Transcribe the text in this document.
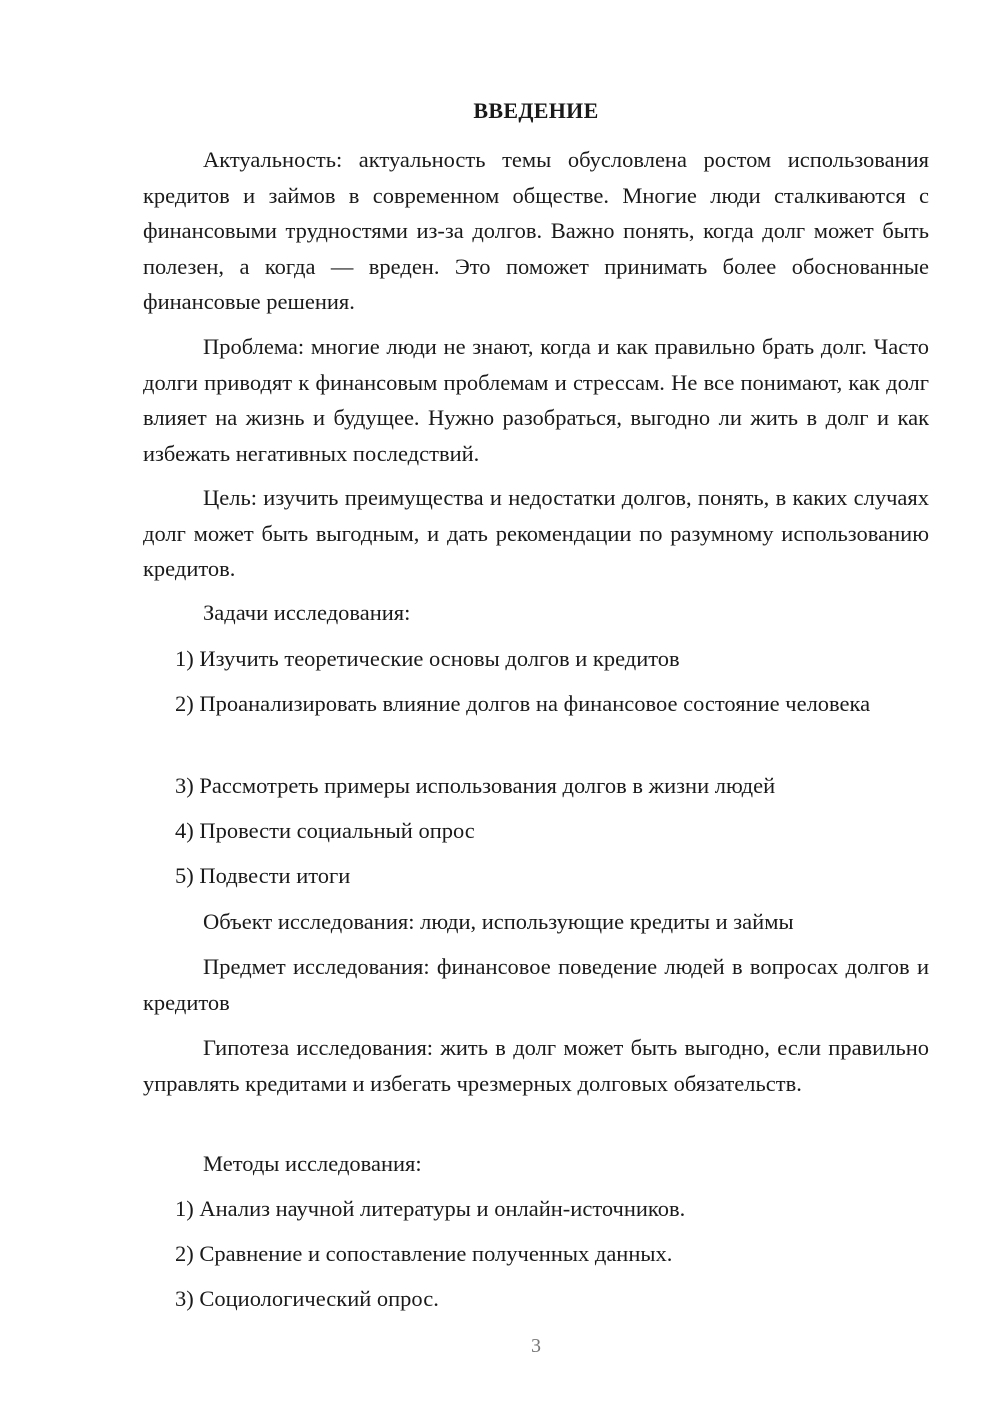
ВВЕДЕНИЕ

Актуальность: актуальность темы обусловлена ростом использования кредитов и займов в современном обществе. Многие люди сталкиваются с финансовыми трудностями из-за долгов. Важно понять, когда долг может быть полезен, а когда — вреден. Это поможет принимать более обоснованные финансовые решения.

Проблема: многие люди не знают, когда и как правильно брать долг. Часто долги приводят к финансовым проблемам и стрессам. Не все понимают, как долг влияет на жизнь и будущее. Нужно разобраться, выгодно ли жить в долг и как избежать негативных последствий.

Цель: изучить преимущества и недостатки долгов, понять, в каких случаях долг может быть выгодным, и дать рекомендации по разумному использованию кредитов.

Задачи исследования:

1) Изучить теоретические основы долгов и кредитов

2) Проанализировать влияние долгов на финансовое состояние человека

3) Рассмотреть примеры использования долгов в жизни людей

4) Провести социальный опрос

5) Подвести итоги

Объект исследования: люди, использующие кредиты и займы

Предмет исследования: финансовое поведение людей в вопросах долгов и кредитов

Гипотеза исследования: жить в долг может быть выгодно, если правильно управлять кредитами и избегать чрезмерных долговых обязательств.

Методы исследования:

1) Анализ научной литературы и онлайн-источников.

2) Сравнение и сопоставление полученных данных.

3) Социологический опрос.

3
